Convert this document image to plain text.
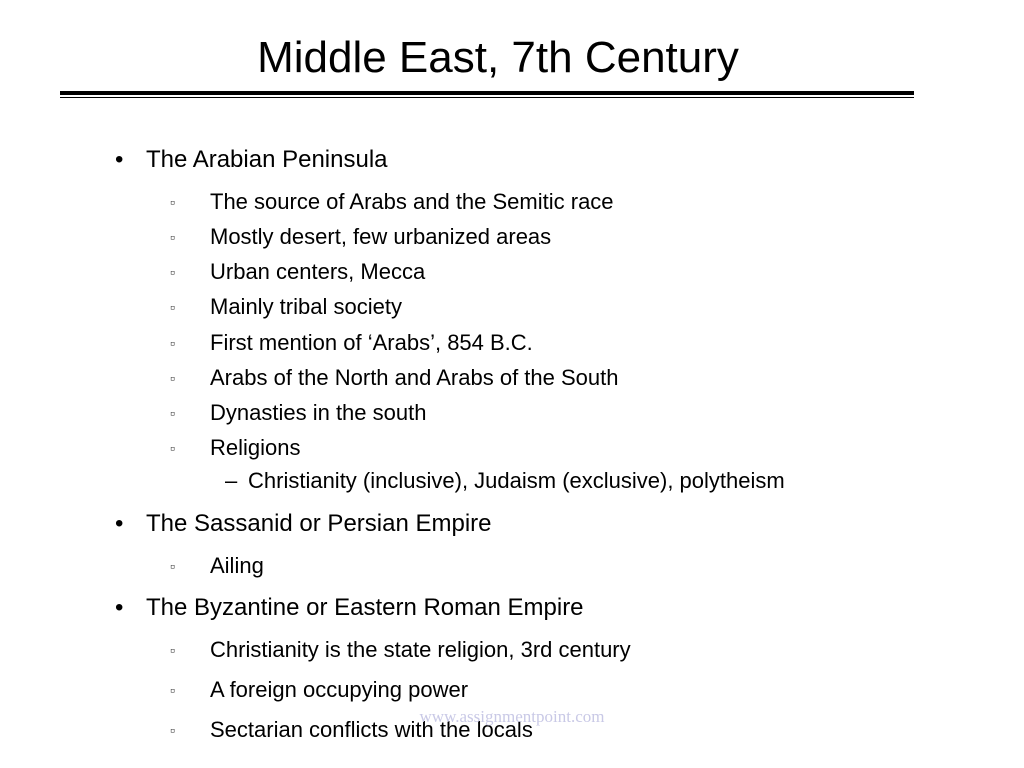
Middle East, 7th Century
• The Arabian Peninsula
▫ The source of Arabs and the Semitic race
▫ Mostly desert, few urbanized areas
▫ Urban centers, Mecca
▫ Mainly tribal society
▫ First mention of ‘Arabs’, 854 B.C.
▫ Arabs of the North and Arabs of the South
▫ Dynasties in the south
▫ Religions
– Christianity (inclusive), Judaism (exclusive), polytheism
• The Sassanid or Persian Empire
▫ Ailing
• The Byzantine or Eastern Roman Empire
▫ Christianity is the state religion, 3rd century
▫ A foreign occupying power
▫ Sectarian conflicts with the locals
www.assignmentpoint.com
